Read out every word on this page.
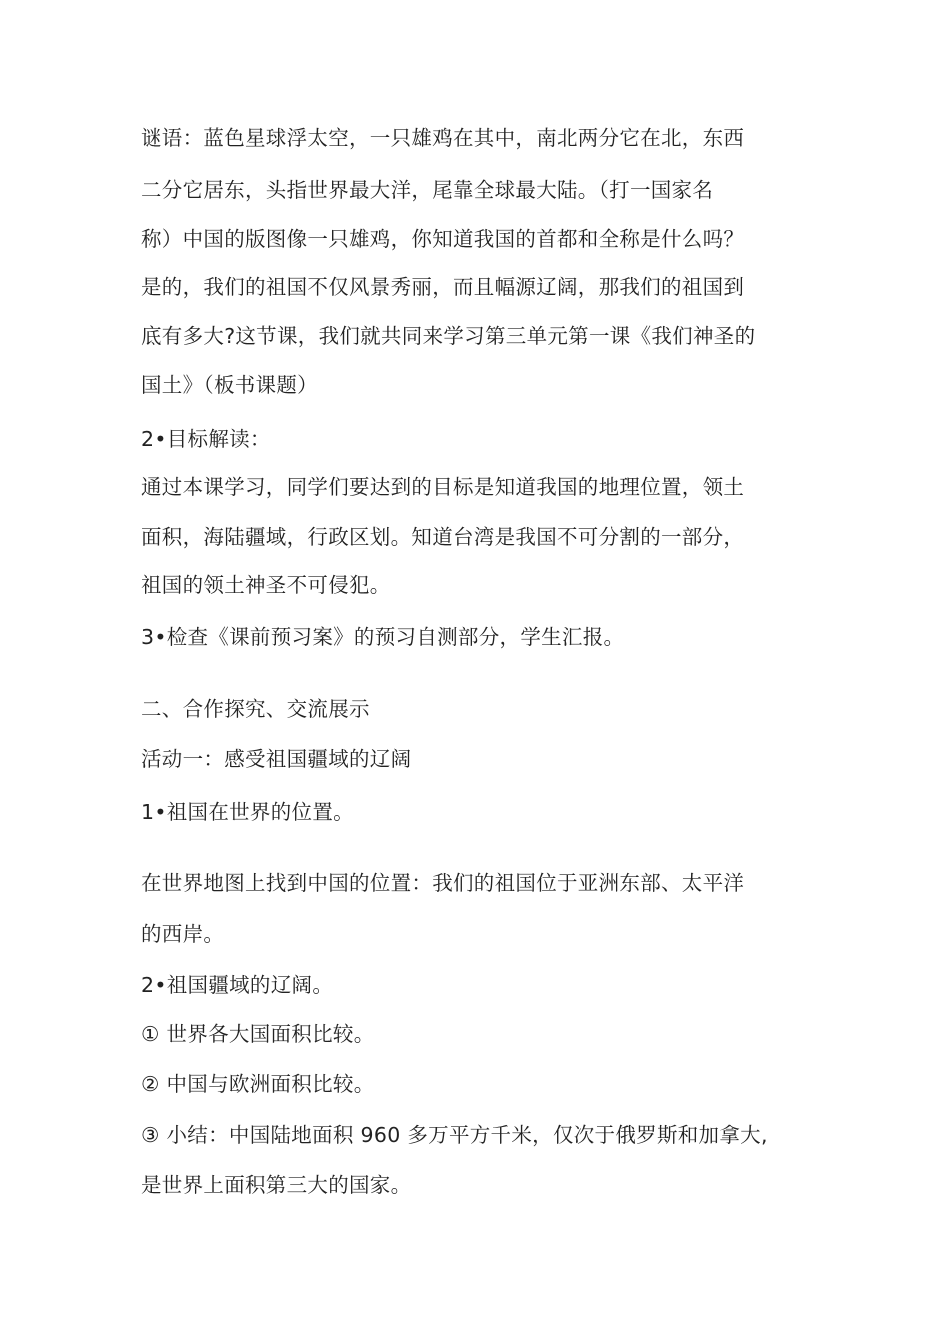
谜语：蓝色星球浮太空，一只雄鸡在其中，南北两分它在北，东西
二分它居东，头指世界最大洋，尾靠全球最大陆。（打一国家名
称）中国的版图像一只雄鸡，你知道我国的首都和全称是什么吗？
是的，我们的祖国不仅风景秀丽，而且幅源辽阔，那我们的祖国到
底有多大?这节课，我们就共同来学习第三单元第一课《我们神圣的
国土》（板书课题）
2•目标解读：
通过本课学习，同学们要达到的目标是知道我国的地理位置，领土
面积，海陆疆域，行政区划。知道台湾是我国不可分割的一部分，
祖国的领土神圣不可侵犯。
3•检查《课前预习案》的预习自测部分，学生汇报。
二、合作探究、交流展示
活动一：感受祖国疆域的辽阔
1•祖国在世界的位置。
在世界地图上找到中国的位置：我们的祖国位于亚洲东部、太平洋
的西岸。
2•祖国疆域的辽阔。
① 世界各大国面积比较。
② 中国与欧洲面积比较。
③ 小结：中国陆地面积 960 多万平方千米，仅次于俄罗斯和加拿大,
是世界上面积第三大的国家。
